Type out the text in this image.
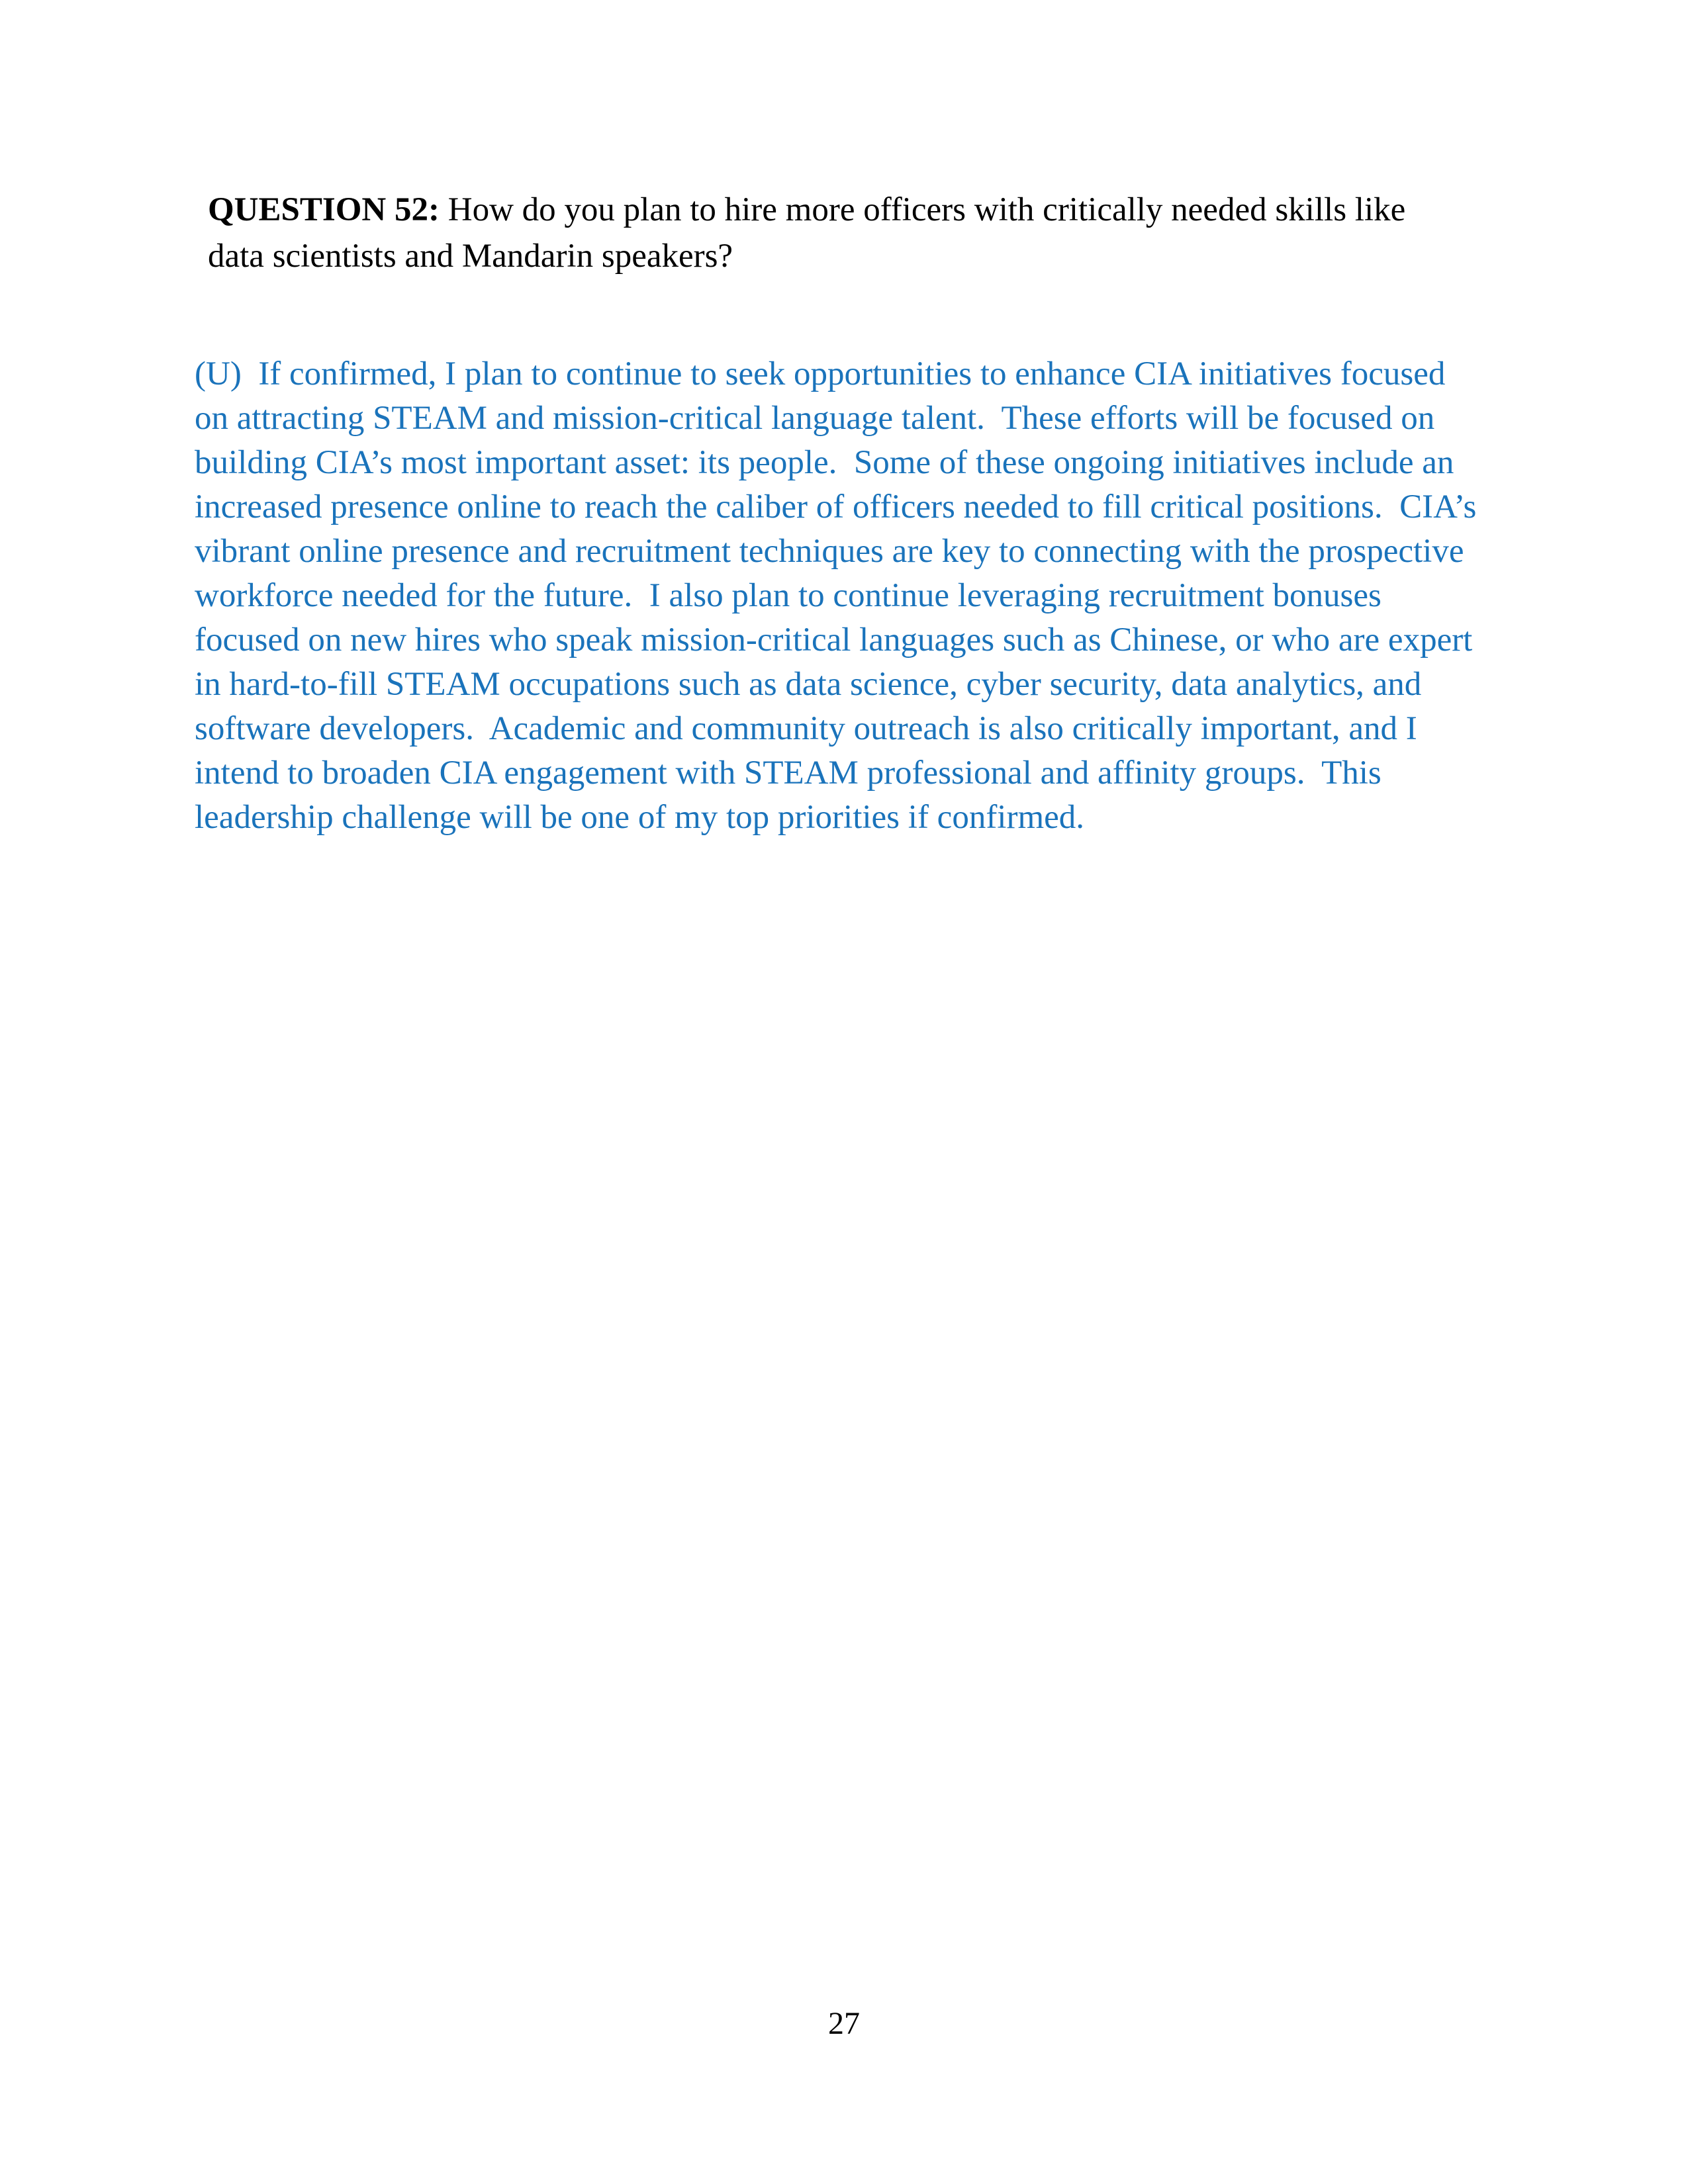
QUESTION 52: How do you plan to hire more officers with critically needed skills like data scientists and Mandarin speakers?
(U)  If confirmed, I plan to continue to seek opportunities to enhance CIA initiatives focused on attracting STEAM and mission-critical language talent.  These efforts will be focused on building CIA’s most important asset: its people.  Some of these ongoing initiatives include an increased presence online to reach the caliber of officers needed to fill critical positions.  CIA’s vibrant online presence and recruitment techniques are key to connecting with the prospective workforce needed for the future.  I also plan to continue leveraging recruitment bonuses focused on new hires who speak mission-critical languages such as Chinese, or who are expert in hard-to-fill STEAM occupations such as data science, cyber security, data analytics, and software developers.  Academic and community outreach is also critically important, and I intend to broaden CIA engagement with STEAM professional and affinity groups.  This leadership challenge will be one of my top priorities if confirmed.
27
